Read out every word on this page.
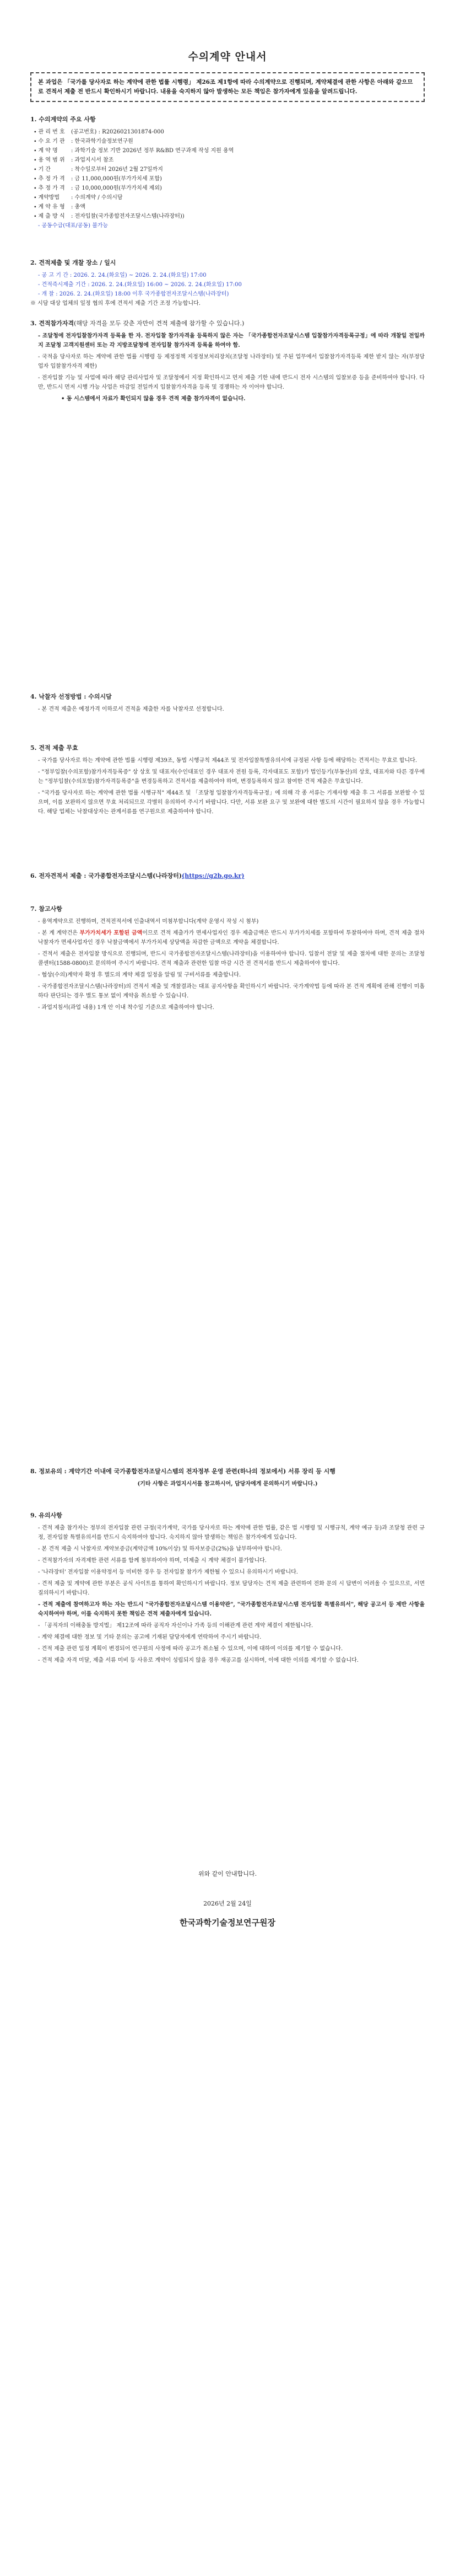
수의계약 안내서
본 과업은 「국가를 당사자로 하는 계약에 관한 법률 시행령」 제26조 제1항에 따라 수의계약으로 진행되며, 계약체결에 관한 사항은 아래와 같으므로 견적서 제출 전 반드시 확인하시기 바랍니다. 내용을 숙지하지 않아 발생하는 모든 책임은 참가자에게 있음을 알려드립니다.
1. 수의계약의 주요 사항
∙ 관 리 번 호	(공고번호) : R2026021301874-000
∙ 수 요 기 관	: 한국과학기술정보연구원
∙ 계 약 명	: 과학기술 정보 기반 2026년 정부 R&BD 연구과제 작성 지원 용역
∙ 용 역 범 위	: 과업지시서 참조
∙ 기 간	: 착수일로부터 2026년 2월 27일까지
∙ 추 정 가 격	: 금 11,000,000원(부가가치세 포함)
∙ 추 정 가 격	: 금 10,000,000원(부가가치세 제외)
∙ 계약방법	: 수의계약 / 수의시담
∙ 계 약 유 형	: 총액
∙ 제 출 방 식	: 전자입찰(국가종합전자조달시스템(나라장터))
- 공동수급(대표/공동) 불가능
2. 견적제출 및 개찰 장소 / 일시
- 공 고 기 간 : 2026. 2. 24.(화요일) ~ 2026. 2. 24.(화요일) 17:00
- 견적즉시제출 기간 : 2026. 2. 24.(화요일) 16:00 ~ 2026. 2. 24.(화요일) 17:00
- 개 찰 : 2026. 2. 24.(화요일) 18:00 이후 국가종합전자조달시스템(나라장터)
※ 시담 대상 업체의 일정 협의 후에 견적서 제출 기간 조정 가능합니다.
3. 견적참가자격(해당 자격을 모두 갖춘 자만이 견적 제출에 참가할 수 있습니다.)

- 조달청에 전자입찰참가자격 등록을 한 자. 전자입찰 참가자격을 등록하지 않은 자는 「국가종합전자조달시스템 입찰참가자격등록규정」에 따라 개찰일 전일까지 조달청 고객지원센터 또는 각 지방조달청에 전자입찰 참가자격 등록을 하여야 함.

- 국적을 당사자로 하는 계약에 관한 법률 시행령 등 제정정책 지정정보처리장치(조달청 나라장터) 및 주된 업무에서 입찰참가자격등록 제한 받지 않는 자(부정당업자 입찰참가자격 제한)

- 전자입찰 기능 및 사업에 따라 해당 관리사업자 및 조달청에서 지정 확인하시고 먼저 제출 기한 내에 반드시 전자 시스템의 입찰보증 등을 준비하여야 합니다. 다만, 반드시 먼저 시행 가능 사업은 마감일 전일까지 입찰참가자격을 등록 및 경쟁하는 자 이어야 합니다.

• 동 시스템에서 자료가 확인되지 않을 경우 견적 제출 참가자격이 없습니다.
4. 낙찰자 선정방법 : 수의시담
- 본 견적 제출은 예정가격 이하로서 견적을 제출한 자를 낙찰자로 선정합니다.
5. 견적 제출 무효

- 국가를 당사자로 하는 계약에 관한 법률 시행령 제39조, 동법 시행규칙 제44조 및 전자입찰특별유의서에 규정된 사항 등에 해당하는 견적서는 무효로 합니다.

- "정부입찰(수의포함)참가자격등록증" 상 상호 및 대표자(수인대표인 경우 대표자 전원 등록, 각자대표도 포함)가 법인등기(부동산)의 상호, 대표자와 다른 경우에는 "정부입찰(수의포함)참가자격등록증"을 변경등록하고 견적서를 제출하여야 하며, 변경등록하지 않고 참여한 견적 제출은 무효입니다.

- "국가를 당사자로 하는 계약에 관한 법률 시행규칙" 제44조 및 「조달청 입찰참가자격등록규정」에 의해 각 종 서류는 기재사항 제출 후 그 서류를 보완할 수 있으며, 이를 보완하지 않으면 무효 처리되므로 각별히 유의하여 주시기 바랍니다. 다만, 서류 보완 요구 및 보완에 대한 별도의 시간이 필요하지 않을 경우 가능합니다. 해당 업체는 낙찰대상자는 관계서류를 연구원으로 제출하여야 합니다.

6. 전자견적서 제출 : 국가종합전자조달시스템(나라장터)(https://g2b.go.kr)
7. 참고사항

- 용역계약으로 진행하며, 견적전적서에 인출내역서 미첨부합니다(계약 운영시 작성 시 첨부)

- 본 계 계약건은 부가가치세가 포함된 금액이므로 견적 제출가가 면세사업자인 경우 제출금액은 반드시 부가가치세를 포함하여 투찰하여야 하며, 견적 제출 절차 낙찰자가 면세사업자인 경우 낙찰금액에서 부가가치세 상당액을 차감한 금액으로 계약을 체결합니다.

- 견적서 제출은 전자입찰 방식으로 진행되며, 반드시 국가종합전자조달시스템(나라장터)을 이용하여야 합니다. 입찰서 전달 및 제출 절차에 대한 문의는 조달청 콜센터(1588-0800)로 문의하여 주시기 바랍니다. 견적 제출과 관련한 입찰 마감 시간 전 견적서를 반드시 제출하여야 합니다.

- 협상(수의)계약자 확정 후 별도의 계약 체결 일정을 알림 및 구비서류를 제출합니다.

- 국가종합전자조달시스템(나라장터)의 견적서 제출 및 개찰결과는 대표 공지사항을 확인하시기 바랍니다. 국가계약법 등에 따라 본 견적 계획에 관해 진행이 미흡하다 판단되는 경우 별도 통보 없이 계약을 취소할 수 있습니다.

- 과업지침서(과업 내용) 1개 안 이내 착수일 기준으로 제출하여야 합니다.

8. 정보유의 : 계약기간 이내에 국가종합전자조달시스템의 전자정부 운영 관련(하나의 정보에서) 서류 장리 등 시행
(기타 사항은 과업지시서를 참고하시어, 담당자에게 문의하시기 바랍니다.)
9. 유의사항

- 견적 제출 참가자는 정부의 전자입찰 관련 규정(국가계약, 국가를 당사자로 하는 계약에 관한 법률, 같은 법 시행령 및 시행규칙, 계약 예규 등)과 조달청 관련 규정, 전자입찰 특별유의서를 반드시 숙지하여야 합니다. 숙지하지 않아 발생하는 책임은 참가자에게 있습니다.

- 본 견적 제출 시 낙찰자로 계약보증금(계약금액 10%이상) 및 하자보증금(2%)을 납부하여야 합니다.

- 견적참가자의 자격제한 관련 서류를 함께 첨부하여야 하며, 미제출 시 계약 체결이 불가합니다.

- '나라장터' 전자입찰 이용약정서 등 미비한 경우 등 전자입찰 참가가 제한될 수 있으니 유의하시기 바랍니다.

- 견적 제출 및 계약에 관한 부분은 공식 사이트를 통하여 확인하시기 바랍니다. 정보 담당자는 견적 제출 관련하여 전화 문의 시 답변이 어려울 수 있으므로, 서면 질의하시기 바랍니다.

- 견적 제출에 참여하고자 하는 자는 반드시 "국가종합전자조달시스템 이용약관", "국가종합전자조달시스템 전자입찰 특별유의서", 해당 공고서 등 제반 사항을 숙지하여야 하며, 이를 숙지하지 못한 책임은 견적 제출자에게 있습니다.

- 「공직자의 이해충돌 방지법」 제12조에 따라 공직자 자신이나 가족 등의 이해관계 관련 계약 체결이 제한됩니다.

- 계약 체결에 대한 정보 및 기타 문의는 공고에 기재된 담당자에게 연락하여 주시기 바랍니다.

- 견적 제출 관련 일정 계획이 변경되어 연구원의 사정에 따라 공고가 취소될 수 있으며, 이에 대하여 이의를 제기할 수 없습니다.

- 견적 제출 자격 미달, 제출 서류 미비 등 사유로 계약이 성립되지 않을 경우 재공고를 실시하며, 이에 대한 이의를 제기할 수 없습니다.

위와 같이 안내합니다.
2026년 2월 24일
한국과학기술정보연구원장
